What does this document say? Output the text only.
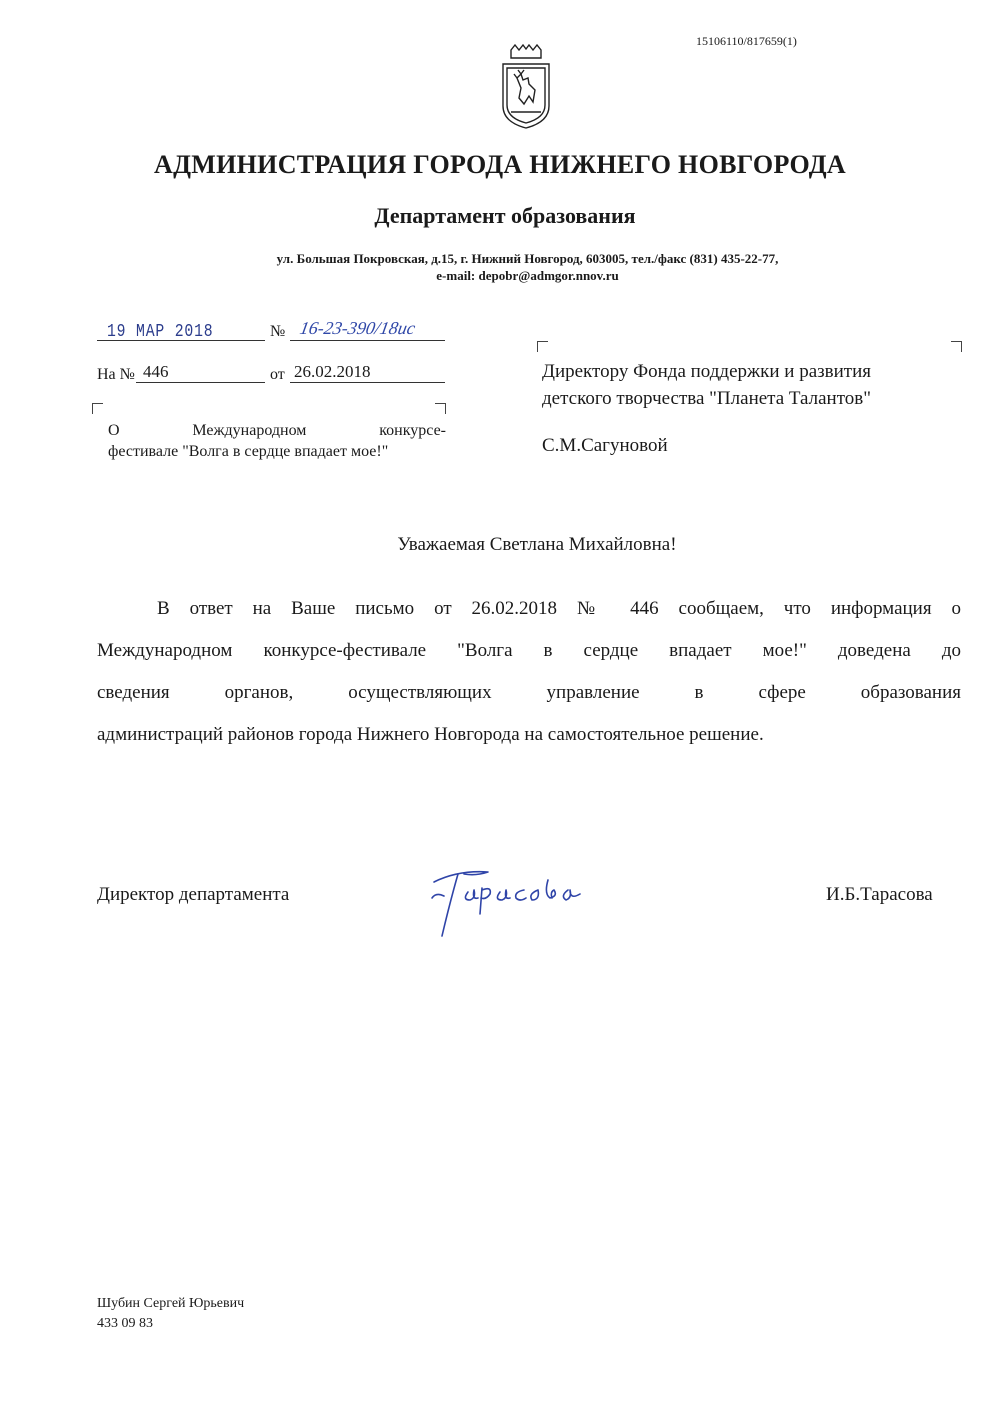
15106110/817659(1)
АДМИНИСТРАЦИЯ ГОРОДА НИЖНЕГО НОВГОРОДА
Департамент образования
ул. Большая Покровская, д.15, г. Нижний Новгород, 603005, тел./факс (831) 435-22-77,
e-mail: depobr@admgor.nnov.ru
19 МАР 2018	№ 16-23-390/18ис
На № 446	от 26.02.2018
О Международном конкурсе-
фестивале "Волга в сердце впадает мое!"
Директору Фонда поддержки и развития
детского творчества "Планета Талантов"
С.М.Сагуновой
Уважаемая Светлана Михайловна!
В ответ на Ваше письмо от 26.02.2018 № 446 сообщаем, что информация о
Международном конкурсе-фестивале "Волга в сердце впадает мое!" доведена до
сведения органов, осуществляющих управление в сфере образования
администраций районов города Нижнего Новгорода на самостоятельное решение.
Директор департамента	И.Б.Тарасова
Шубин Сергей Юрьевич
433 09 83
